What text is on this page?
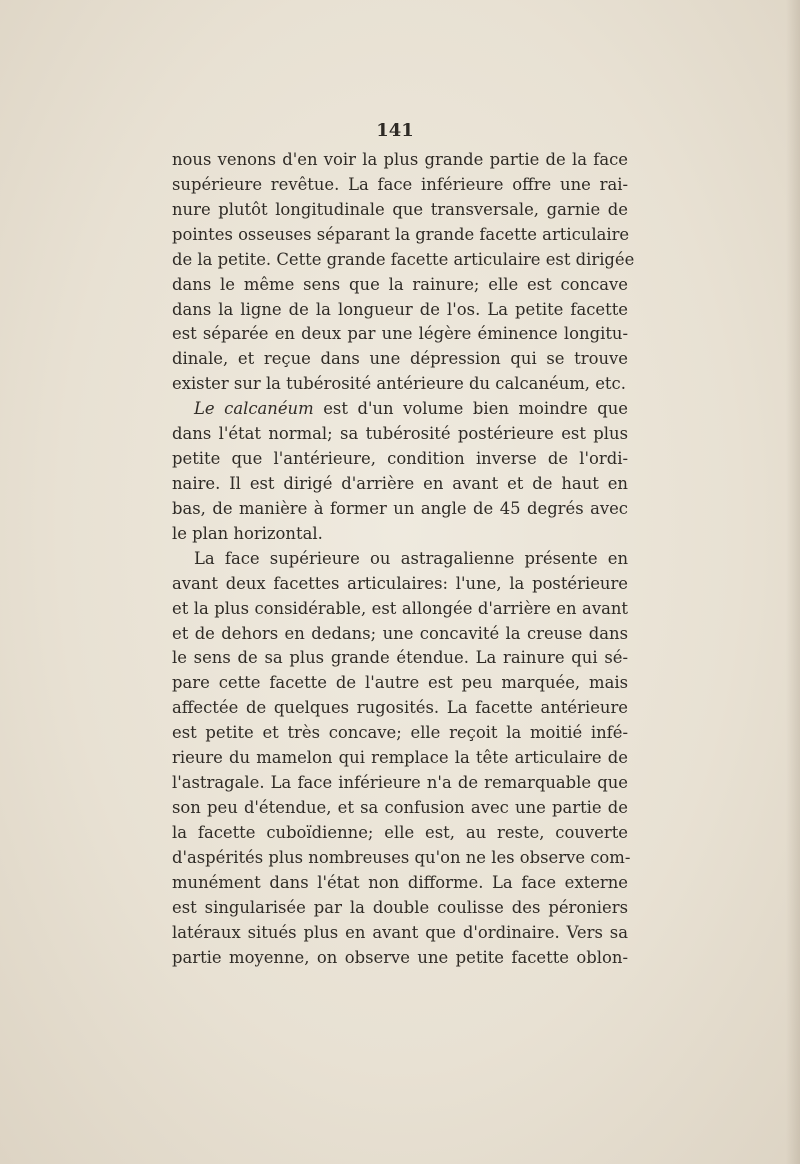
141
nous venons d'en voir la plus grande partie de la face
supérieure revêtue. La face inférieure offre une rai-
nure plutôt longitudinale que transversale, garnie de
pointes osseuses séparant la grande facette articulaire
de la petite. Cette grande facette articulaire est dirigée
dans le même sens que la rainure; elle est concave
dans la ligne de la longueur de l'os. La petite facette
est séparée en deux par une légère éminence longitu-
dinale, et reçue dans une dépression qui se trouve
exister sur la tubérosité antérieure du calcanéum, etc.
Le calcanéum est d'un volume bien moindre que
dans l'état normal; sa tubérosité postérieure est plus
petite que l'antérieure, condition inverse de l'ordi-
naire. Il est dirigé d'arrière en avant et de haut en
bas, de manière à former un angle de 45 degrés avec
le plan horizontal.
La face supérieure ou astragalienne présente en
avant deux facettes articulaires: l'une, la postérieure
et la plus considérable, est allongée d'arrière en avant
et de dehors en dedans; une concavité la creuse dans
le sens de sa plus grande étendue. La rainure qui sé-
pare cette facette de l'autre est peu marquée, mais
affectée de quelques rugosités. La facette antérieure
est petite et très concave; elle reçoit la moitié infé-
rieure du mamelon qui remplace la tête articulaire de
l'astragale. La face inférieure n'a de remarquable que
son peu d'étendue, et sa confusion avec une partie de
la facette cuboïdienne; elle est, au reste, couverte
d'aspérités plus nombreuses qu'on ne les observe com-
munément dans l'état non difforme. La face externe
est singularisée par la double coulisse des péroniers
latéraux situés plus en avant que d'ordinaire. Vers sa
partie moyenne, on observe une petite facette oblon-
